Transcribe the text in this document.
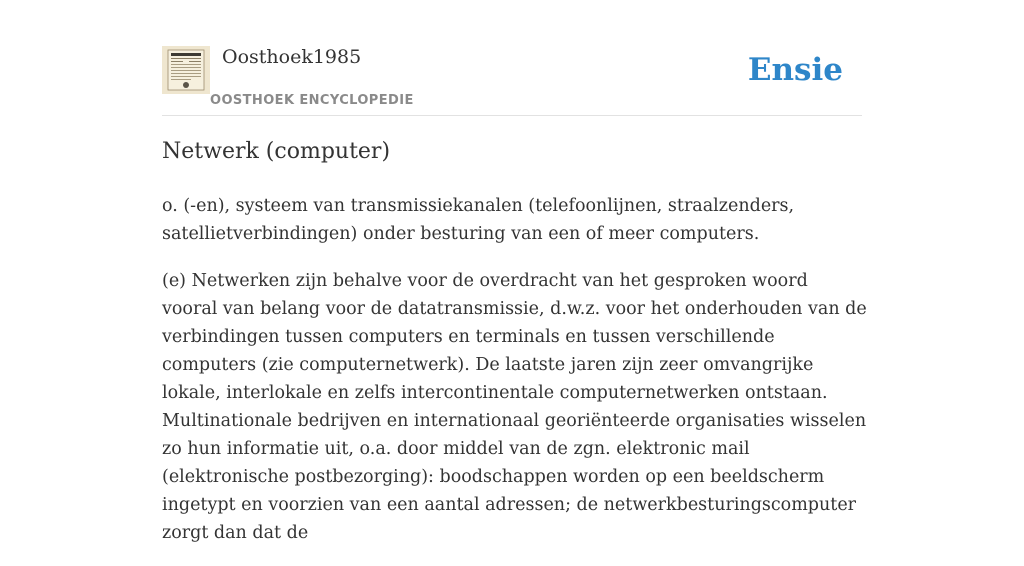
Oosthoek1985
OOSTHOEK ENCYCLOPEDIE
Ensie
Netwerk (computer)

o. (-en), systeem van transmissiekanalen (telefoonlijnen, straalzenders, satellietverbindingen) onder besturing van een of meer computers.

(e) Netwerken zijn behalve voor de overdracht van het gesproken woord vooral van belang voor de datatransmissie, d.w.z. voor het onderhouden van de verbindingen tussen computers en terminals en tussen verschillende computers (zie computernetwerk). De laatste jaren zijn zeer omvangrijke lokale, interlokale en zelfs intercontinentale computernetwerken ontstaan. Multinationale bedrijven en internationaal georiënteerde organisaties wisselen zo hun informatie uit, o.a. door middel van de zgn. elektronic mail (elektronische postbezorging): boodschappen worden op een beeldscherm ingetypt en voorzien van een aantal adressen; de netwerkbesturingscomputer zorgt dan dat de
